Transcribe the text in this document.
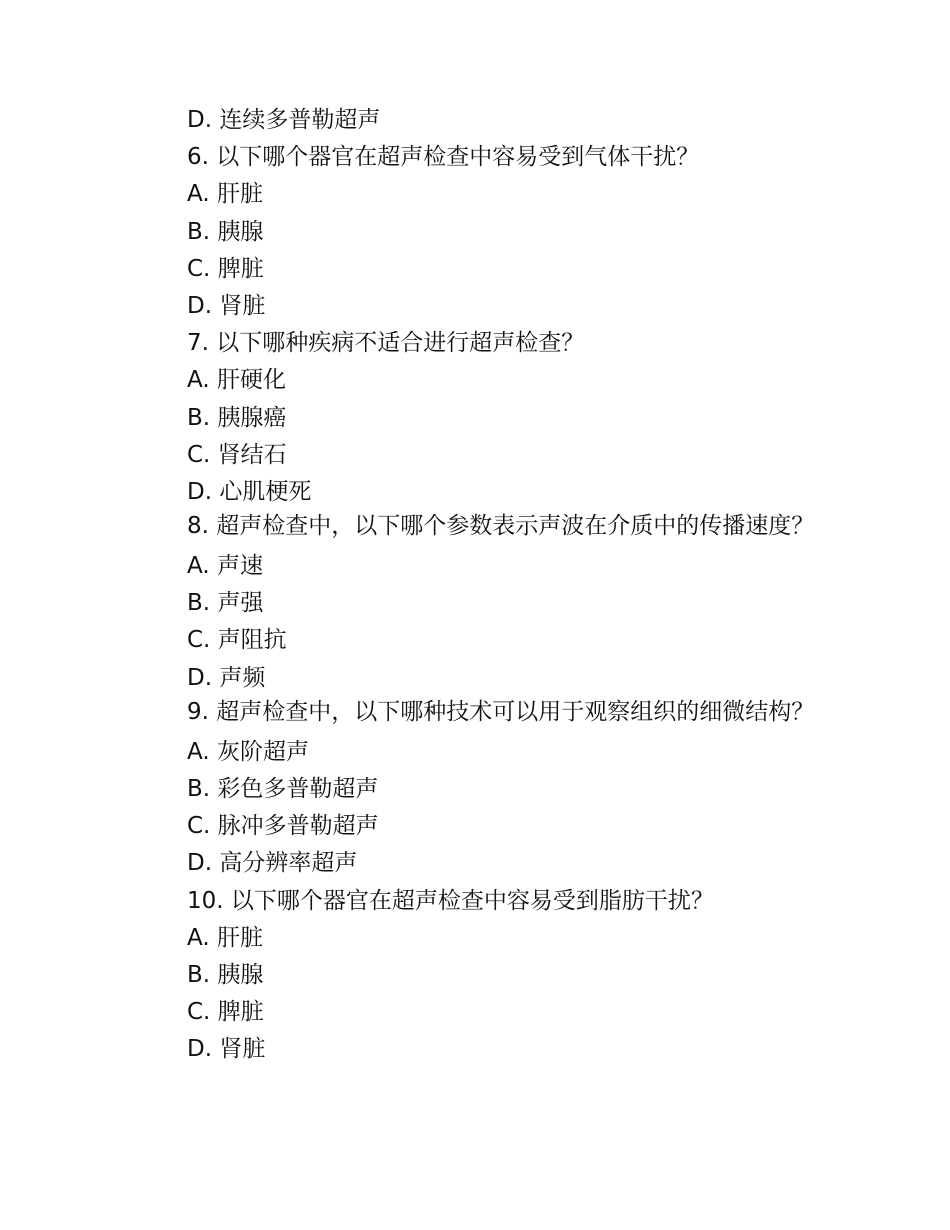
D. 连续多普勒超声
6. 以下哪个器官在超声检查中容易受到气体干扰？
A. 肝脏
B. 胰腺
C. 脾脏
D. 肾脏
7. 以下哪种疾病不适合进行超声检查？
A. 肝硬化
B. 胰腺癌
C. 肾结石
D. 心肌梗死
8. 超声检查中，以下哪个参数表示声波在介质中的传播速度？
A. 声速
B. 声强
C. 声阻抗
D. 声频
9. 超声检查中，以下哪种技术可以用于观察组织的细微结构？
A. 灰阶超声
B. 彩色多普勒超声
C. 脉冲多普勒超声
D. 高分辨率超声
10. 以下哪个器官在超声检查中容易受到脂肪干扰？
A. 肝脏
B. 胰腺
C. 脾脏
D. 肾脏
